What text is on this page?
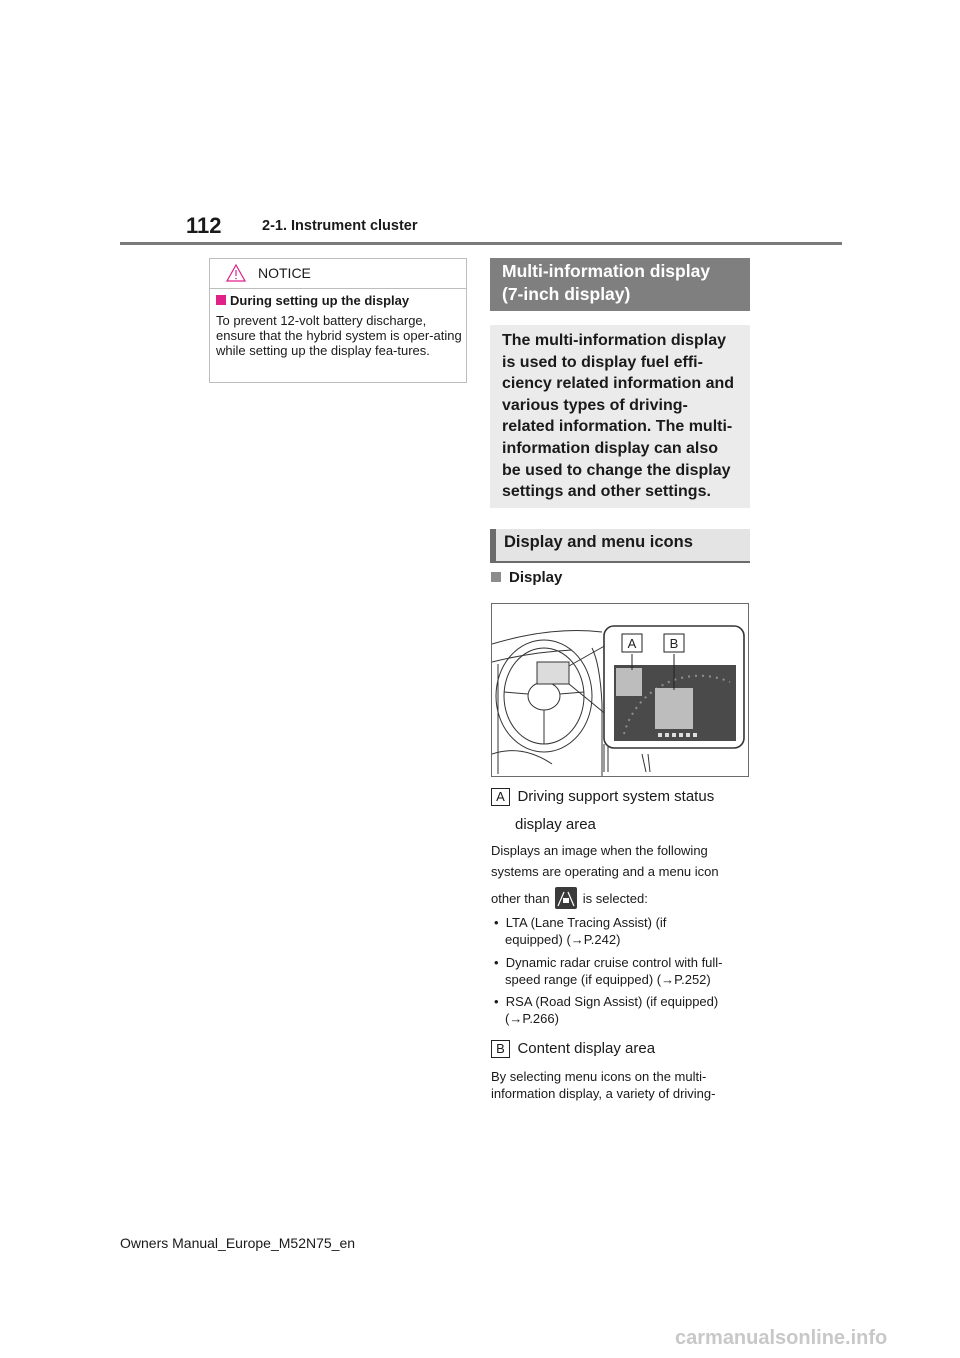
112	2-1. Instrument cluster
NOTICE
During setting up the display
To prevent 12-volt battery discharge, ensure that the hybrid system is oper-ating while setting up the display fea-tures.
Multi-information display
(7-inch display)
The multi-information display is used to display fuel effi-ciency related information and various types of driving-related information. The multi-information display can also be used to change the display settings and other settings.
Display and menu icons
Display
A	B
A Driving support system status
display area
Displays an image when the following
systems are operating and a menu icon
other than	is selected:
•  LTA (Lane Tracing Assist) (if
equipped) (→P.242)
•  Dynamic radar cruise control with full-
speed range (if equipped) (→P.252)
•  RSA (Road Sign Assist) (if equipped)
(→P.266)
B Content display area
By selecting menu icons on the multi-
information display, a variety of driving-
Owners Manual_Europe_M52N75_en
carmanualsonline.info
